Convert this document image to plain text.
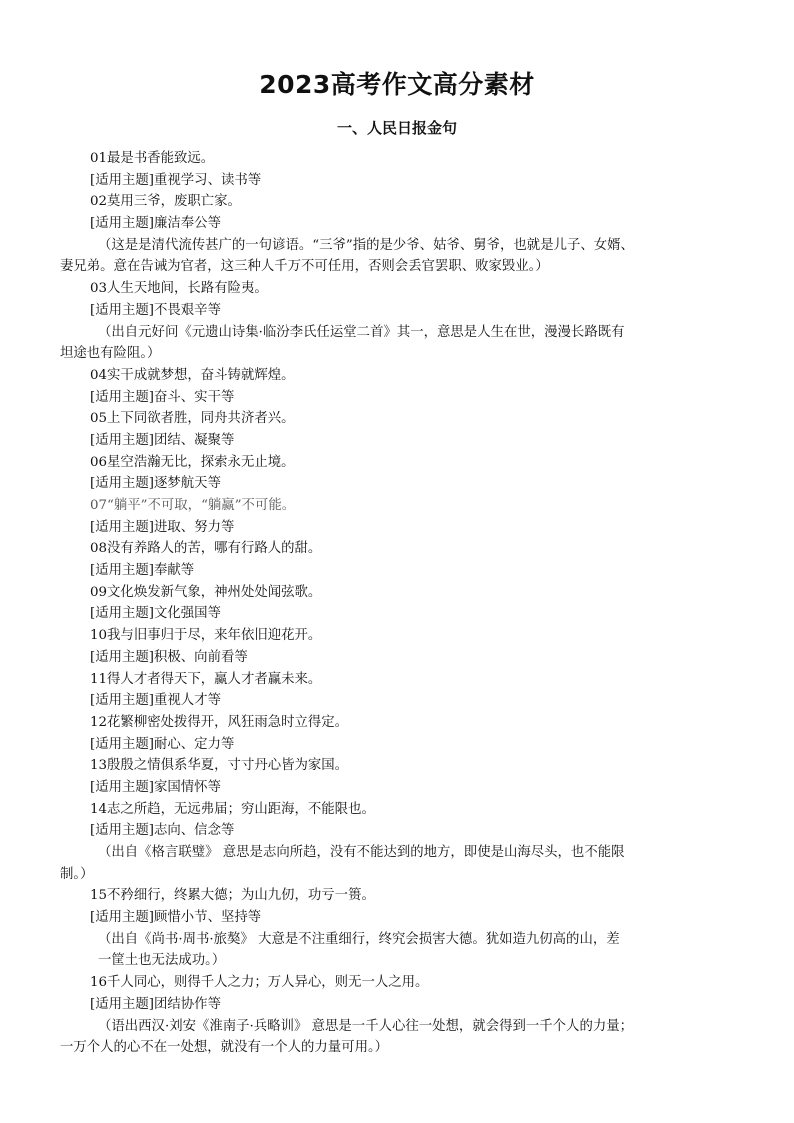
2023高考作文高分素材
一、人民日报金句
01最是书香能致远。
[适用主题]重视学习、读书等
02莫用三爷，废职亡家。
[适用主题]廉洁奉公等
（这是是清代流传甚广的一句谚语。“三爷”指的是少爷、姑爷、舅爷，也就是儿子、女婿、
妻兄弟。意在告诫为官者，这三种人千万不可任用，否则会丢官罢职、败家毁业。）
03人生天地间，长路有险夷。
[适用主题]不畏艰辛等
（出自元好问《元遗山诗集·临汾李氏任运堂二首》其一，意思是人生在世，漫漫长路既有
坦途也有险阻。）
04实干成就梦想，奋斗铸就辉煌。
[适用主题]奋斗、实干等
05上下同欲者胜，同舟共济者兴。
[适用主题]团结、凝聚等
06星空浩瀚无比，探索永无止境。
[适用主题]逐梦航天等
07“躺平”不可取，“躺赢”不可能。
[适用主题]进取、努力等
08没有养路人的苦，哪有行路人的甜。
[适用主题]奉献等
09文化焕发新气象，神州处处闻弦歌。
[适用主题]文化强国等
10我与旧事归于尽，来年依旧迎花开。
[适用主题]积极、向前看等
11得人才者得天下，赢人才者赢未来。
[适用主题]重视人才等
12花繁柳密处拨得开，风狂雨急时立得定。
[适用主题]耐心、定力等
13殷殷之情俱系华夏，寸寸丹心皆为家国。
[适用主题]家国情怀等
14志之所趋，无远弗届；穷山距海，不能限也。
[适用主题]志向、信念等
（出自《格言联璧》 意思是志向所趋，没有不能达到的地方，即使是山海尽头，也不能限
制。）
15不矜细行，终累大德；为山九仞，功亏一篑。
[适用主题]顾惜小节、坚持等
（出自《尚书·周书·旅獒》 大意是不注重细行，终究会损害大德。犹如造九仞高的山，差
一筐土也无法成功。）
16千人同心，则得千人之力；万人异心，则无一人之用。
[适用主题]团结协作等
（语出西汉·刘安《淮南子·兵略训》 意思是一千人心往一处想，就会得到一千个人的力量；
一万个人的心不在一处想，就没有一个人的力量可用。）
